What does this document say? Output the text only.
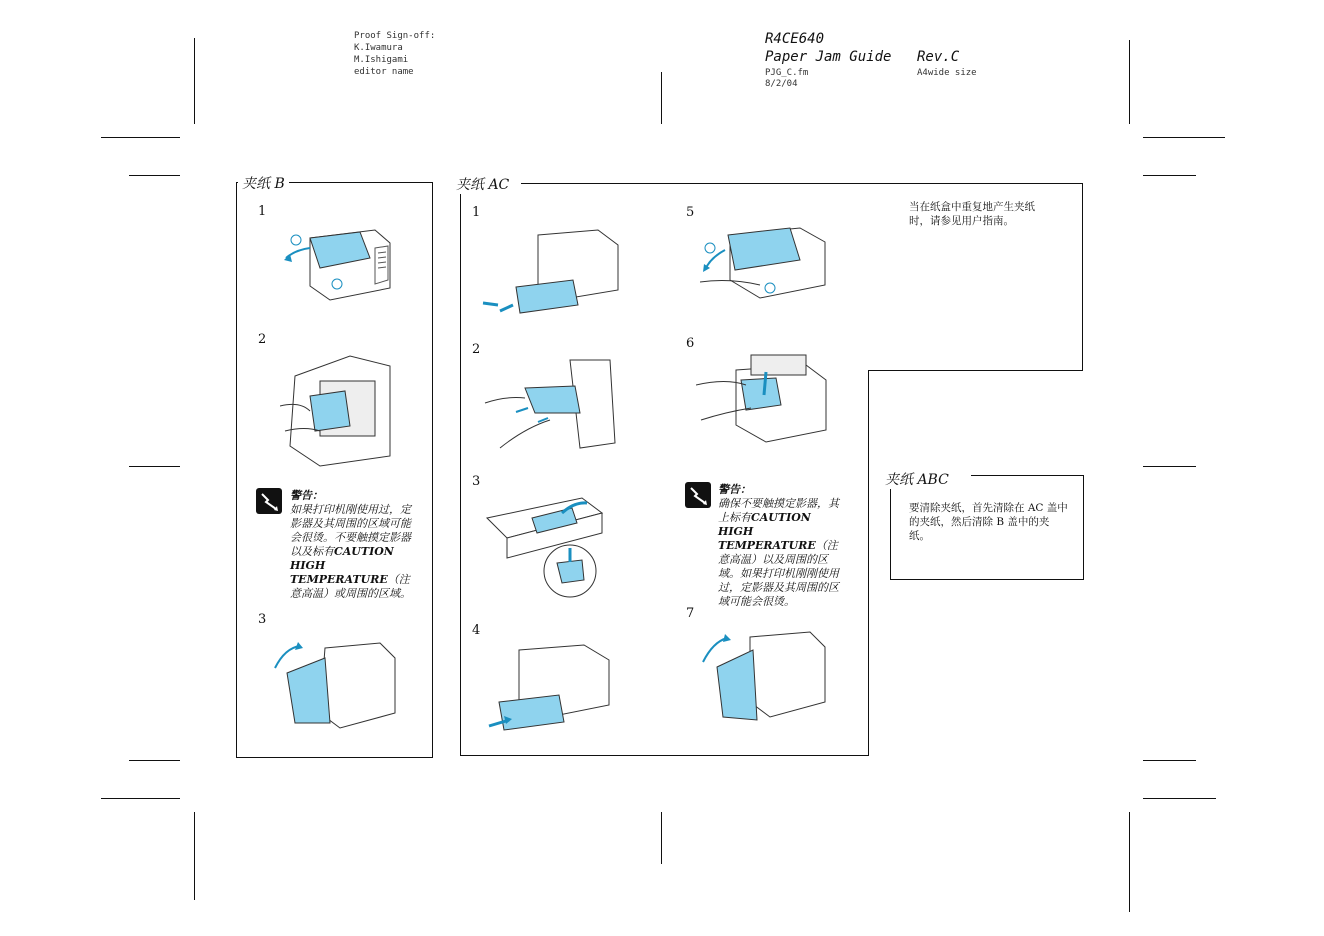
Proof Sign-off:
K.Iwamura
M.Ishigami
editor name
R4CE640
Paper Jam Guide Rev.C
PJG_C.fm
8/2/04
A4wide size
夹纸 B
1
2
警告：
如果打印机刚使用过，定影器及其周围的区域可能会很烫。不要触摸定影器以及标有CAUTION HIGH TEMPERATURE（注意高温）或周围的区域。
3
夹纸 AC
1
2
3
4
5
6
警告：
确保不要触摸定影器，其上标有CAUTION HIGH TEMPERATURE（注意高温）以及周围的区域。如果打印机刚刚使用过，定影器及其周围的区域可能会很烫。
7
当在纸盒中重复地产生夹纸时，请参见用户指南。
夹纸 ABC
要清除夹纸，首先清除在 AC 盖中的夹纸，然后清除 B 盖中的夹纸。
